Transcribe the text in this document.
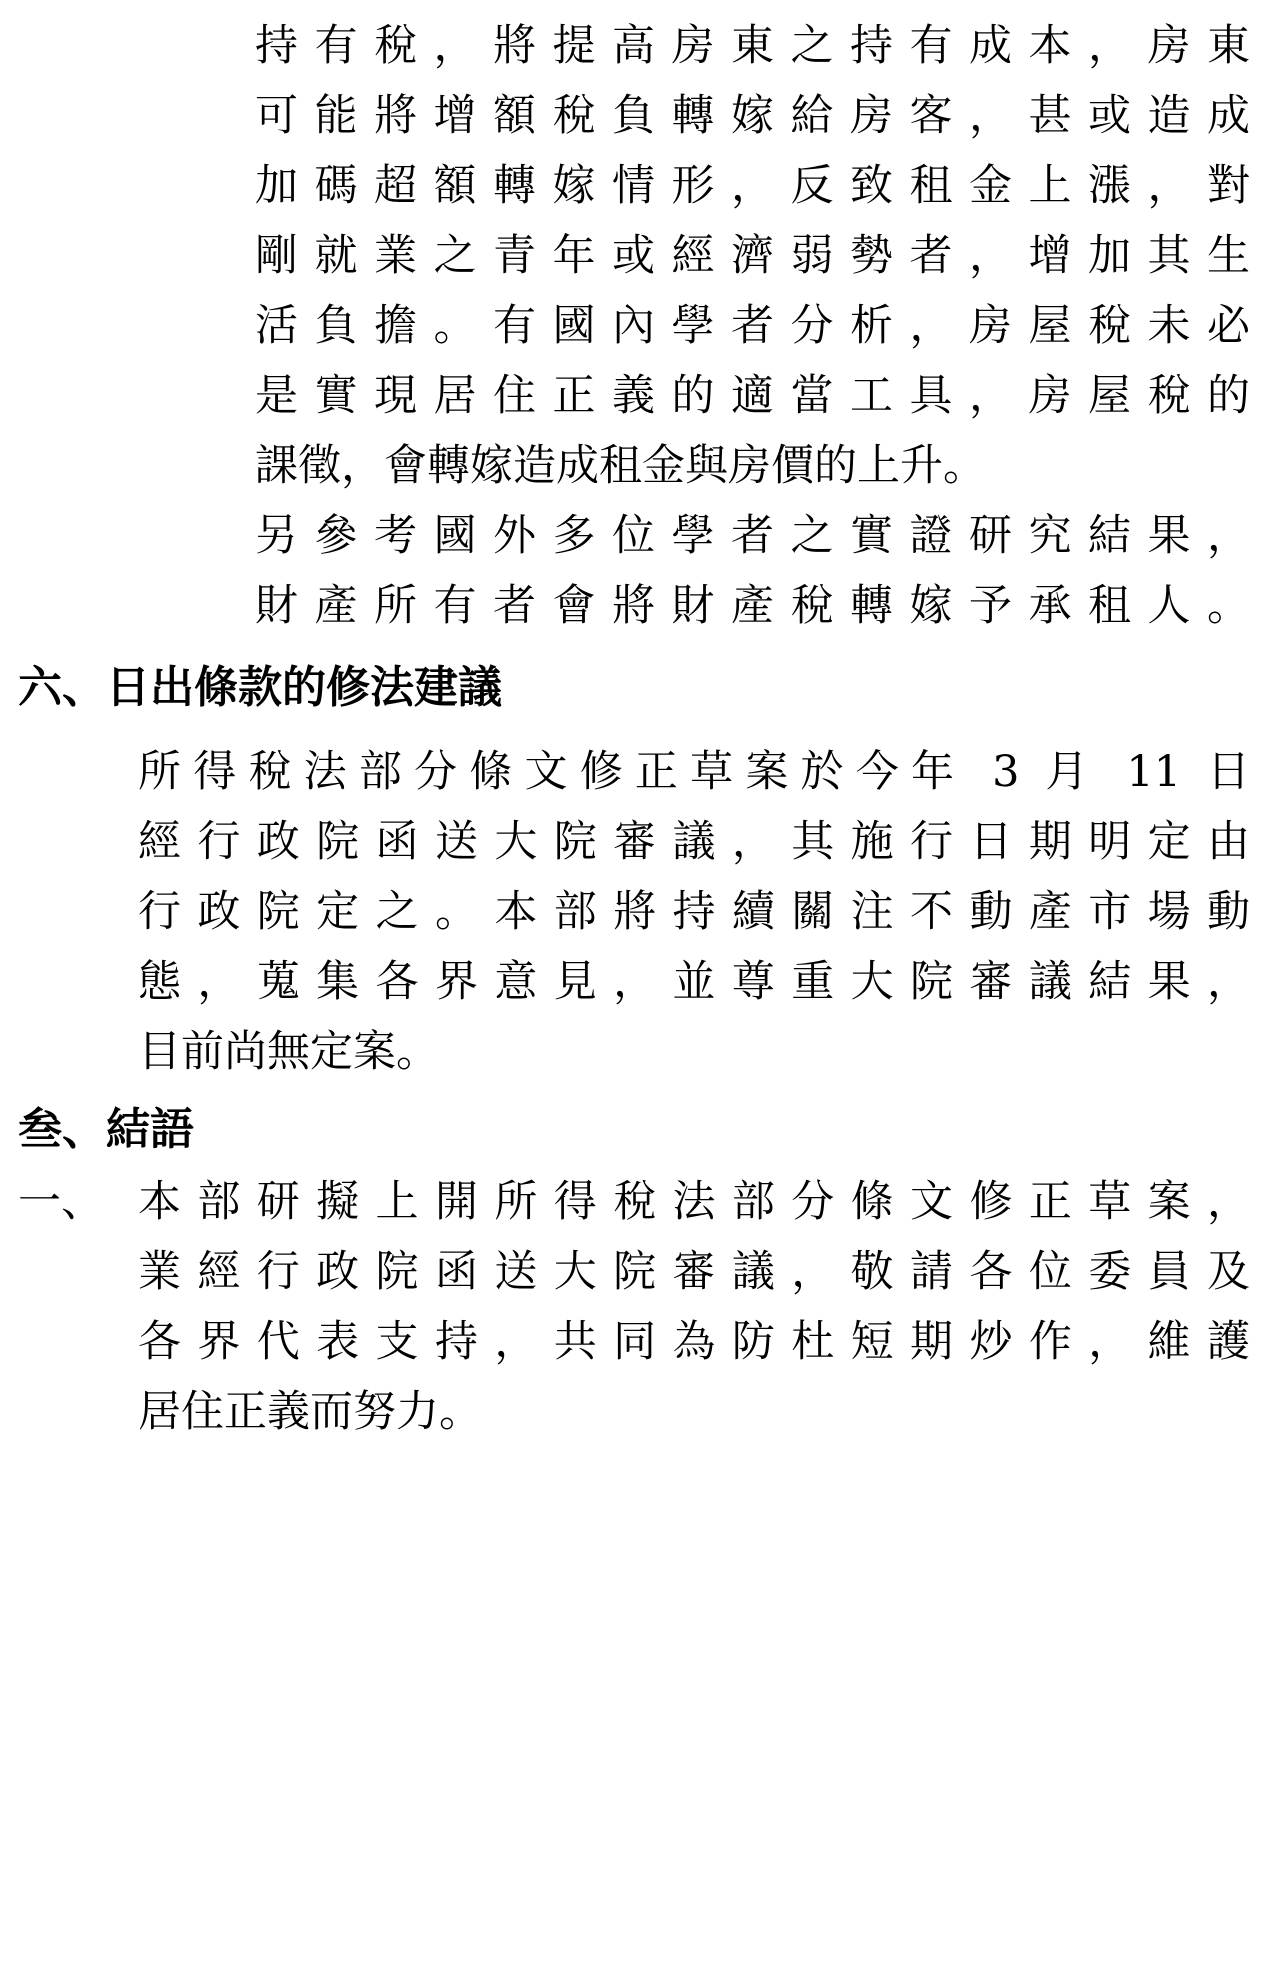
持有稅，將提高房東之持有成本，房東
可能將增額稅負轉嫁給房客，甚或造成
加碼超額轉嫁情形，反致租金上漲，對
剛就業之青年或經濟弱勢者，增加其生
活負擔。有國內學者分析，房屋稅未必
是實現居住正義的適當工具，房屋稅的
課徵，會轉嫁造成租金與房價的上升。
另參考國外多位學者之實證研究結果，
財產所有者會將財產稅轉嫁予承租人。
六、日出條款的修法建議
所得稅法部分條文修正草案於今年 3 月 11 日
經行政院函送大院審議，其施行日期明定由
行政院定之。本部將持續關注不動產市場動
態，蒐集各界意見，並尊重大院審議結果，
目前尚無定案。
叁、結語
一、 本部研擬上開所得稅法部分條文修正草案，
業經行政院函送大院審議，敬請各位委員及
各界代表支持，共同為防杜短期炒作，維護
居住正義而努力。
